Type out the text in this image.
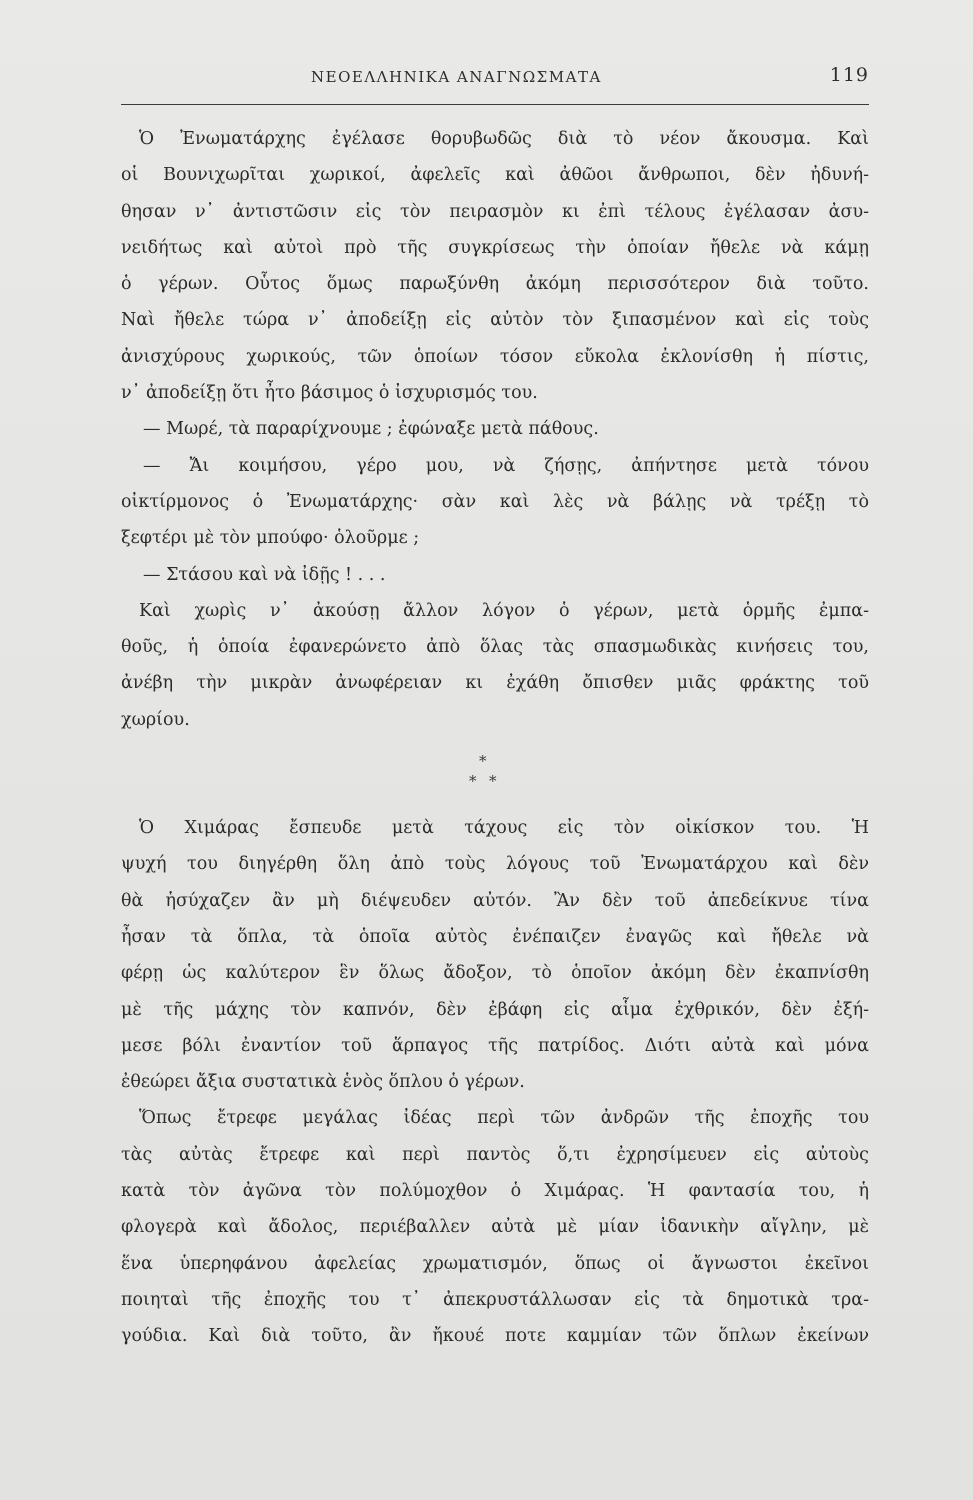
ΝΕΟΕΛΛΗΝΙΚΑ ΑΝΑΓΝΩΣΜΑΤΑ	119
Ὁ Ἐνωματάρχης ἐγέλασε θορυβωδῶς διὰ τὸ νέον ἄκουσμα. Καὶ
οἱ Βουνιχωρῖται χωρικοί, ἀφελεῖς καὶ ἀθῶοι ἄνθρωποι, δὲν ἠδυνή-
θησαν ν᾽ ἀντιστῶσιν εἰς τὸν πειρασμὸν κι ἐπὶ τέλους ἐγέλασαν ἀσυ-
νειδήτως καὶ αὐτοὶ πρὸ τῆς συγκρίσεως τὴν ὁποίαν ἤθελε νὰ κάμῃ
ὁ γέρων. Οὗτος ὅμως παρωξύνθη ἀκόμη περισσότερον διὰ τοῦτο.
Ναὶ ἤθελε τώρα ν᾽ ἀποδείξῃ εἰς αὐτὸν τὸν ξιπασμένον καὶ εἰς τοὺς
ἀνισχύρους χωρικούς, τῶν ὁποίων τόσον εὔκολα ἐκλονίσθη ἡ πίστις,
ν᾽ ἀποδείξῃ ὅτι ἦτο βάσιμος ὁ ἰσχυρισμός του.
— Μωρέ, τὰ παραρίχνουμε ; ἐφώναξε μετὰ πάθους.
— Ἄι κοιμήσου, γέρο μου, νὰ ζήσῃς, ἀπήντησε μετὰ τόνου
οἰκτίρμονος ὁ Ἐνωματάρχης· σὰν καὶ λὲς νὰ βάλῃς νὰ τρέξῃ τὸ
ξεφτέρι μὲ τὸν μπούφο· ὁλοῦρμε ;
— Στάσου καὶ νὰ ἰδῇς ! . . .
Καὶ χωρὶς ν᾽ ἀκούσῃ ἄλλον λόγον ὁ γέρων, μετὰ ὁρμῆς ἐμπα-
θοῦς, ἡ ὁποία ἐφανερώνετο ἀπὸ ὅλας τὰς σπασμωδικὰς κινήσεις του,
ἀνέβη τὴν μικρὰν ἀνωφέρειαν κι ἐχάθη ὄπισθεν μιᾶς φράκτης τοῦ
χωρίου.
*
* *
Ὁ Χιμάρας ἔσπευδε μετὰ τάχους εἰς τὸν οἰκίσκον του. Ἡ
ψυχή του διηγέρθη ὅλη ἀπὸ τοὺς λόγους τοῦ Ἐνωματάρχου καὶ δὲν
θὰ ἡσύχαζεν ἂν μὴ διέψευδεν αὐτόν. Ἂν δὲν τοῦ ἀπεδείκνυε τίνα
ἦσαν τὰ ὅπλα, τὰ ὁποῖα αὐτὸς ἐνέπαιζεν ἐναγῶς καὶ ἤθελε νὰ
φέρῃ ὡς καλύτερον ἓν ὅλως ἄδοξον, τὸ ὁποῖον ἀκόμη δὲν ἐκαπνίσθη
μὲ τῆς μάχης τὸν καπνόν, δὲν ἐβάφη εἰς αἷμα ἐχθρικόν, δὲν ἐξή-
μεσε βόλι ἐναντίον τοῦ ἅρπαγος τῆς πατρίδος. Διότι αὐτὰ καὶ μόνα
ἐθεώρει ἄξια συστατικὰ ἑνὸς ὅπλου ὁ γέρων.
Ὅπως ἔτρεφε μεγάλας ἰδέας περὶ τῶν ἀνδρῶν τῆς ἐποχῆς του
τὰς αὐτὰς ἔτρεφε καὶ περὶ παντὸς ὅ,τι ἐχρησίμευεν εἰς αὐτοὺς
κατὰ τὸν ἀγῶνα τὸν πολύμοχθον ὁ Χιμάρας. Ἡ φαντασία του, ἡ
φλογερὰ καὶ ἄδολος, περιέβαλλεν αὐτὰ μὲ μίαν ἰδανικὴν αἴγλην, μὲ
ἕνα ὑπερηφάνου ἀφελείας χρωματισμόν, ὅπως οἱ ἄγνωστοι ἐκεῖνοι
ποιηταὶ τῆς ἐποχῆς του τ᾽ ἀπεκρυστάλλωσαν εἰς τὰ δημοτικὰ τρα-
γούδια. Καὶ διὰ τοῦτο, ἂν ἤκουέ ποτε καμμίαν τῶν ὅπλων ἐκείνων
